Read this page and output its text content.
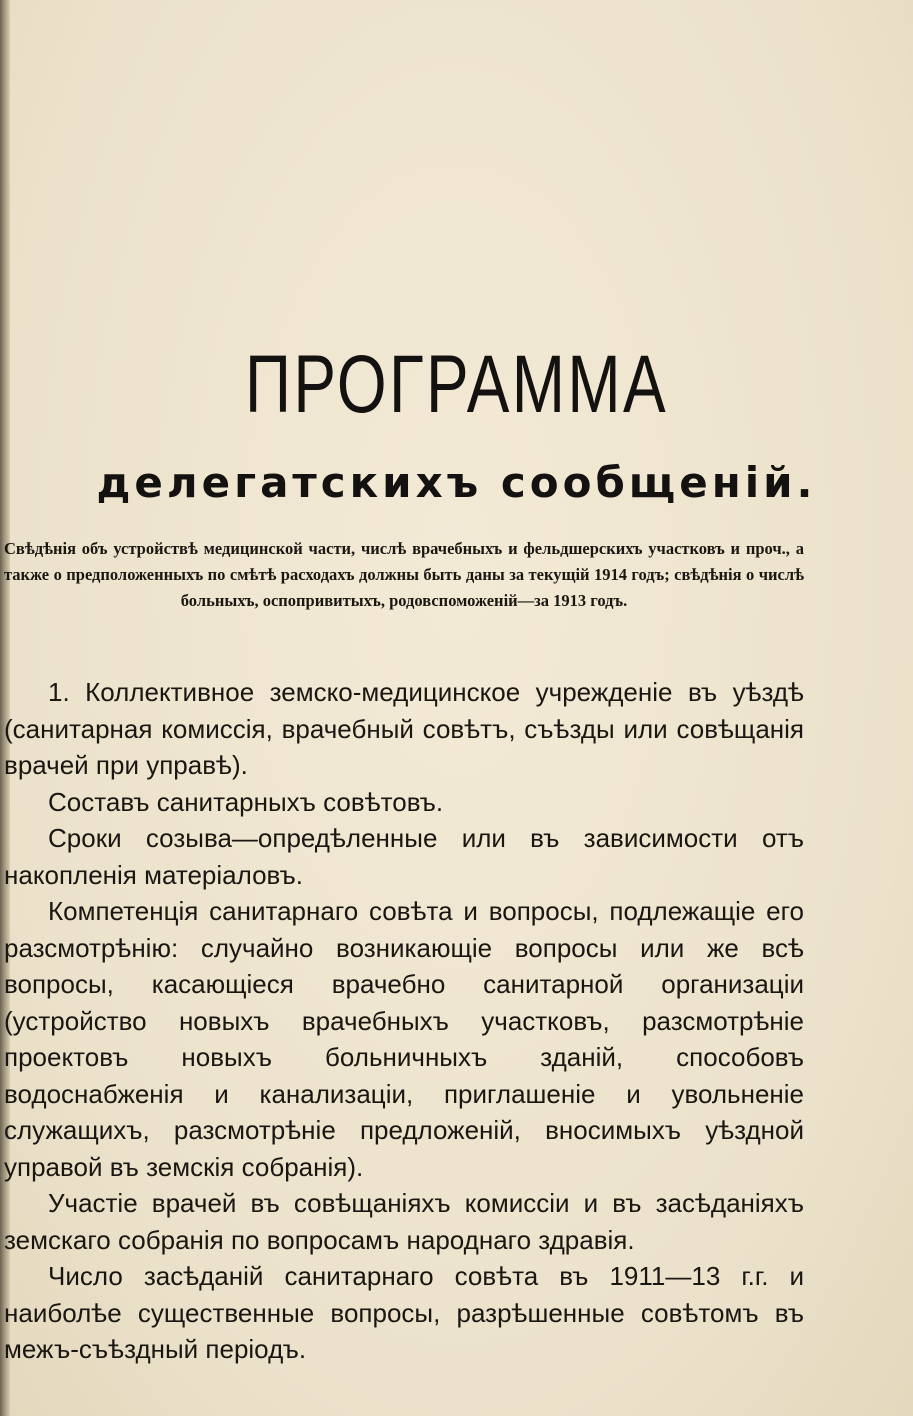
ПРОГРАММА
делегатскихъ сообщеній.
Свѣдѣнія объ устройствѣ медицинской части, числѣ врачебныхъ и фельдшерскихъ участковъ и проч., а также о предположенныхъ по смѣтѣ расходахъ должны быть даны за текущій 1914 годъ; свѣдѣнія о числѣ больныхъ, оспопривитыхъ, родовспоможеній—за 1913 годъ.

1. Коллективное земско-медицинское учрежденіе въ уѣздѣ (санитарная комиссія, врачебный совѣтъ, съѣзды или совѣщанія врачей при управѣ).

Составъ санитарныхъ совѣтовъ.

Сроки созыва—опредѣленные или въ зависимости отъ накопленія матеріаловъ.

Компетенція санитарнаго совѣта и вопросы, подлежащіе его разсмотрѣнію: случайно возникающіе вопросы или же всѣ вопросы, касающіеся врачебно санитарной организаціи (устройство новыхъ врачебныхъ участковъ, разсмотрѣніе проектовъ новыхъ больничныхъ зданій, способовъ водоснабженія и канализаціи, приглашеніе и увольненіе служащихъ, разсмотрѣніе предложеній, вносимыхъ уѣздной управой въ земскія собранія).

Участіе врачей въ совѣщаніяхъ комиссіи и въ засѣданіяхъ земскаго собранія по вопросамъ народнаго здравія.

Число засѣданій санитарнаго совѣта въ 1911—13 г.г. и наиболѣе существенные вопросы, разрѣшенные совѣтомъ въ межъ-съѣздный періодъ.
